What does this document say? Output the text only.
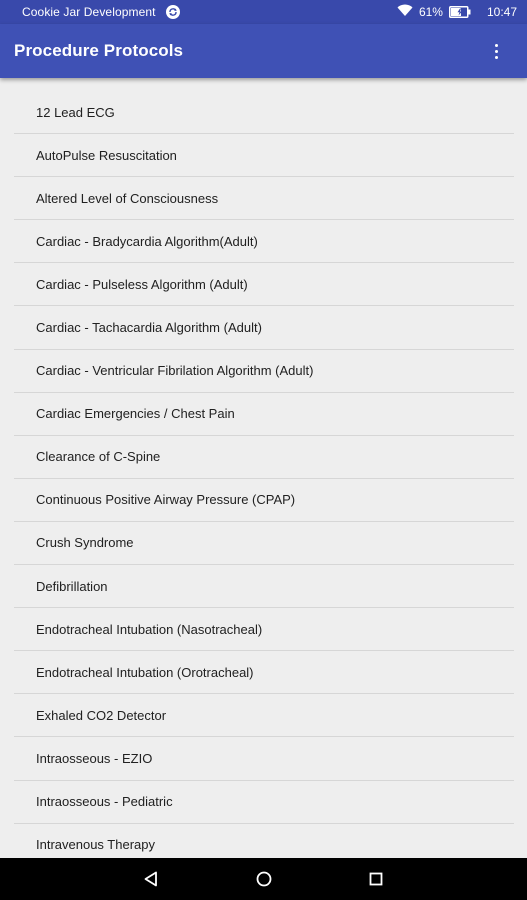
Cookie Jar Development	61%	10:47
Procedure Protocols
12 Lead ECG
AutoPulse Resuscitation
Altered Level of Consciousness
Cardiac - Bradycardia Algorithm(Adult)
Cardiac - Pulseless Algorithm (Adult)
Cardiac - Tachacardia Algorithm (Adult)
Cardiac - Ventricular Fibrilation Algorithm (Adult)
Cardiac Emergencies / Chest Pain
Clearance of C-Spine
Continuous Positive Airway Pressure (CPAP)
Crush Syndrome
Defibrillation
Endotracheal Intubation (Nasotracheal)
Endotracheal Intubation (Orotracheal)
Exhaled CO2 Detector
Intraosseous - EZIO
Intraosseous - Pediatric
Intravenous Therapy
